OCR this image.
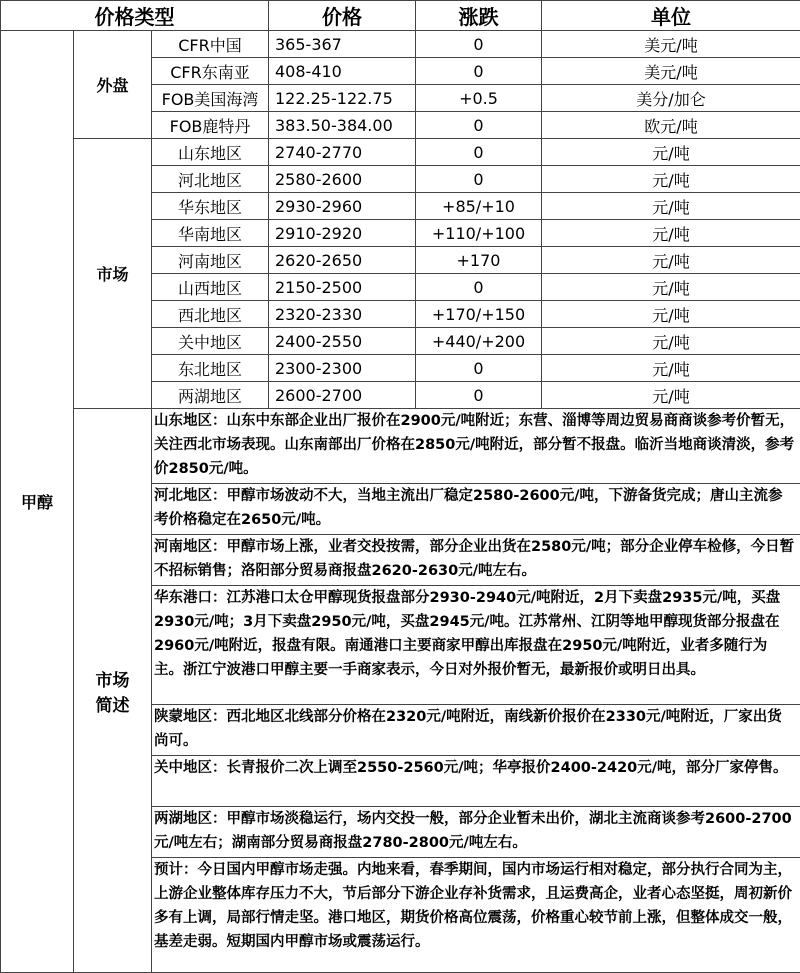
价格类型			价格	涨跌	单位
甲醇	外盘	CFR中国	365-367	0	美元/吨
		CFR东南亚	408-410	0	美元/吨
		FOB美国海湾	122.25-122.75	+0.5	美分/加仑
		FOB鹿特丹	383.50-384.00	0	欧元/吨
	市场	山东地区	2740-2770	0	元/吨
		河北地区	2580-2600	0	元/吨
		华东地区	2930-2960	+85/+10	元/吨
		华南地区	2910-2920	+110/+100	元/吨
		河南地区	2620-2650	+170	元/吨
		山西地区	2150-2500	0	元/吨
		西北地区	2320-2330	+170/+150	元/吨
		关中地区	2400-2550	+440/+200	元/吨
		东北地区	2300-2300	0	元/吨
		两湖地区	2600-2700	0	元/吨
	市场简述	山东地区：山东中东部企业出厂报价在2900元/吨附近；东营、淄博等周边贸易商商谈参考价暂无，关注西北市场表现。山东南部出厂价格在2850元/吨附近，部分暂不报盘。临沂当地商谈清淡，参考价2850元/吨。			
		河北地区：甲醇市场波动不大，当地主流出厂稳定2580-2600元/吨，下游备货完成；唐山主流参考价格稳定在2650元/吨。			
		河南地区：甲醇市场上涨，业者交投按需，部分企业出货在2580元/吨；部分企业停车检修，今日暂不招标销售；洛阳部分贸易商报盘2620-2630元/吨左右。			
		华东港口：江苏港口太仓甲醇现货报盘部分2930-2940元/吨附近，2月下卖盘2935元/吨，买盘2930元/吨；3月下卖盘2950元/吨，买盘2945元/吨。江苏常州、江阴等地甲醇现货部分报盘在2960元/吨附近，报盘有限。南通港口主要商家甲醇出库报盘在2950元/吨附近，业者多随行为主。浙江宁波港口甲醇主要一手商家表示，今日对外报价暂无，最新报价或明日出具。			
		陕蒙地区：西北地区北线部分价格在2320元/吨附近，南线新价报价在2330元/吨附近，厂家出货尚可。			
		关中地区：长青报价二次上调至2550-2560元/吨；华亭报价2400-2420元/吨，部分厂家停售。			
		两湖地区：甲醇市场淡稳运行，场内交投一般，部分企业暂未出价，湖北主流商谈参考2600-2700元/吨左右；湖南部分贸易商报盘2780-2800元/吨左右。			
		预计：今日国内甲醇市场走强。内地来看，春季期间，国内市场运行相对稳定，部分执行合同为主，上游企业整体库存压力不大，节后部分下游企业存补货需求，且运费高企，业者心态坚挺，周初新价多有上调，局部行情走坚。港口地区，期货价格高位震荡，价格重心较节前上涨，但整体成交一般，基差走弱。短期国内甲醇市场或震荡运行。			
